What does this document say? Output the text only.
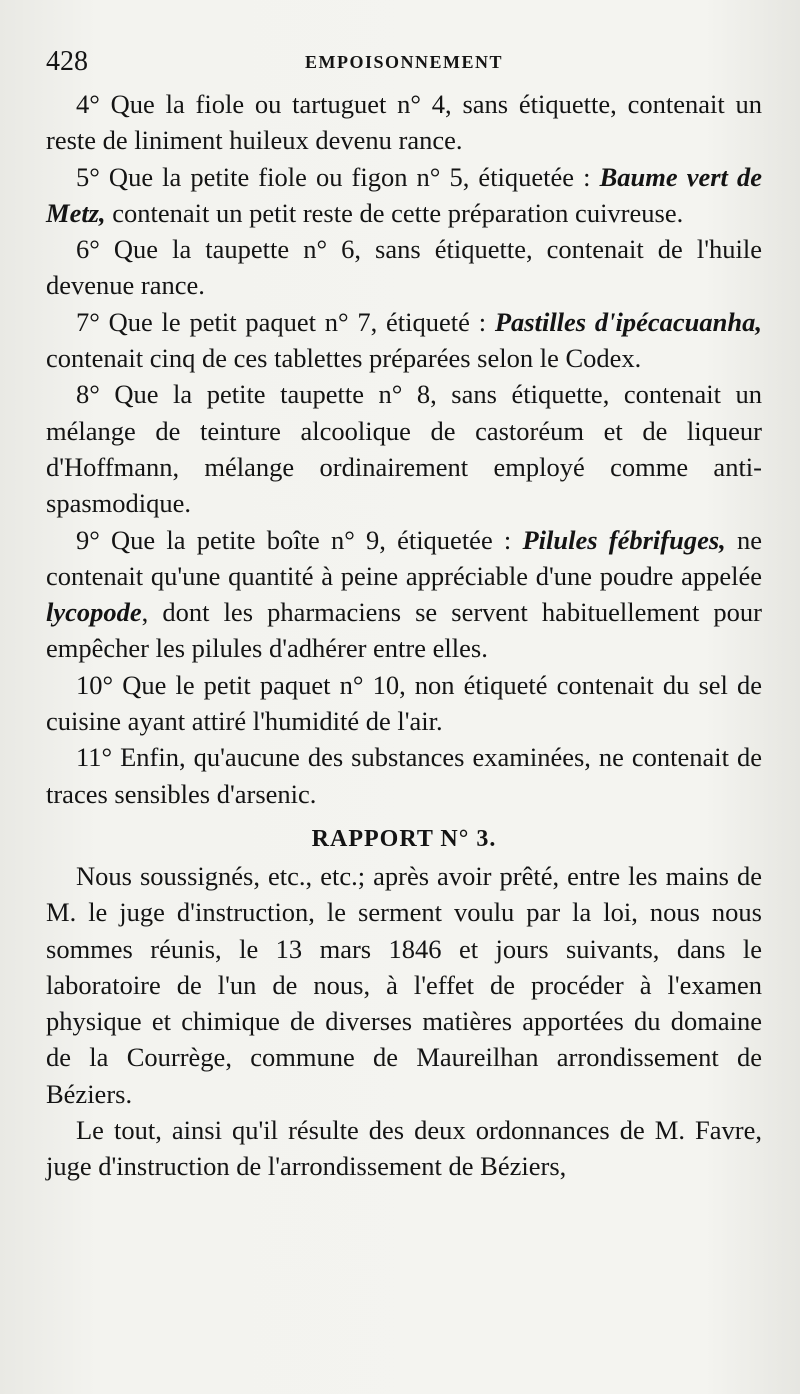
428	EMPOISONNEMENT

4° Que la fiole ou tartuguet n° 4, sans étiquette, contenait un reste de liniment huileux devenu rance.

5° Que la petite fiole ou figon n° 5, étiquetée : Baume vert de Metz, contenait un petit reste de cette préparation cuivreuse.

6° Que la taupette n° 6, sans étiquette, contenait de l'huile devenue rance.

7° Que le petit paquet n° 7, étiqueté : Pastilles d'ipécacuanha, contenait cinq de ces tablettes préparées selon le Codex.

8° Que la petite taupette n° 8, sans étiquette, contenait un mélange de teinture alcoolique de castoréum et de liqueur d'Hoffmann, mélange ordinairement employé comme antispasmodique.

9° Que la petite boîte n° 9, étiquetée : Pilules fébrifuges, ne contenait qu'une quantité à peine appréciable d'une poudre appelée lycopode, dont les pharmaciens se servent habituellement pour empêcher les pilules d'adhérer entre elles.

10° Que le petit paquet n° 10, non étiqueté contenait du sel de cuisine ayant attiré l'humidité de l'air.

11° Enfin, qu'aucune des substances examinées, ne contenait de traces sensibles d'arsenic.

RAPPORT N° 3.

Nous soussignés, etc., etc.; après avoir prêté, entre les mains de M. le juge d'instruction, le serment voulu par la loi, nous nous sommes réunis, le 13 mars 1846 et jours suivants, dans le laboratoire de l'un de nous, à l'effet de procéder à l'examen physique et chimique de diverses matières apportées du domaine de la Courrège, commune de Maureilhan arrondissement de Béziers.

Le tout, ainsi qu'il résulte des deux ordonnances de M. Favre, juge d'instruction de l'arrondissement de Béziers,
